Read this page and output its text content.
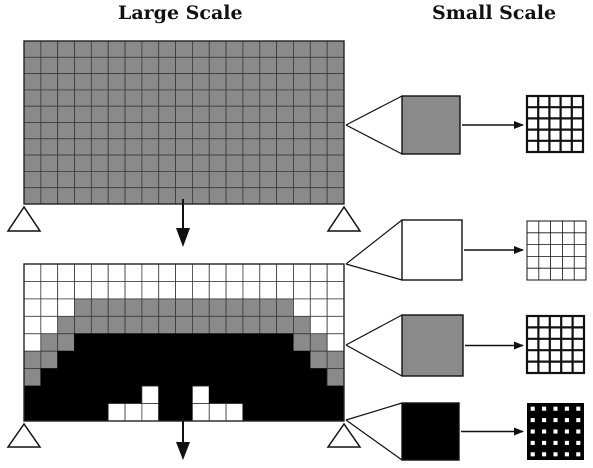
Large Scale	Small Scale
